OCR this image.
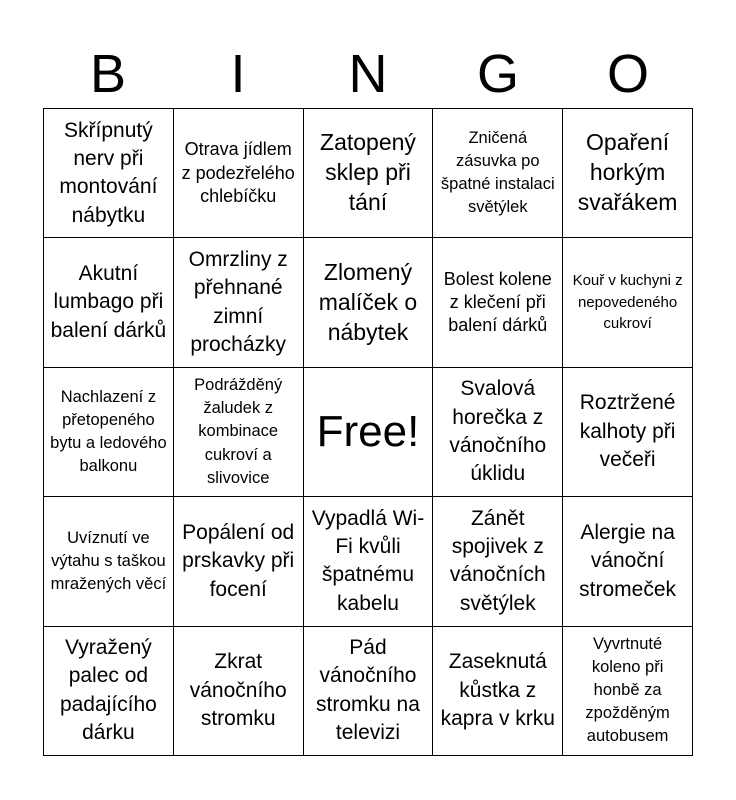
B	I	N	G	O
Skřípnutý nerv při montování nábytku
Otrava jídlem z podezřelého chlebíčku
Zatopený sklep při tání
Zničená zásuvka po špatné instalaci světýlek
Opaření horkým svařákem
Akutní lumbago při balení dárků
Omrzliny z přehnané zimní procházky
Zlomený malíček o nábytek
Bolest kolene z klečení při balení dárků
Kouř v kuchyni z nepovedeného cukroví
Nachlazení z přetopeného bytu a ledového balkonu
Podrážděný žaludek z kombinace cukroví a slivovice
Free!
Svalová horečka z vánočního úklidu
Roztržené kalhoty při večeři
Uvíznutí ve výtahu s taškou mražených věcí
Popálení od prskavky při focení
Vypadlá Wi-Fi kvůli špatnému kabelu
Zánět spojivek z vánočních světýlek
Alergie na vánoční stromeček
Vyražený palec od padajícího dárku
Zkrat vánočního stromku
Pád vánočního stromku na televizi
Zaseknutá kůstka z kapra v krku
Vyvrtnuté koleno při honbě za zpožděným autobusem
